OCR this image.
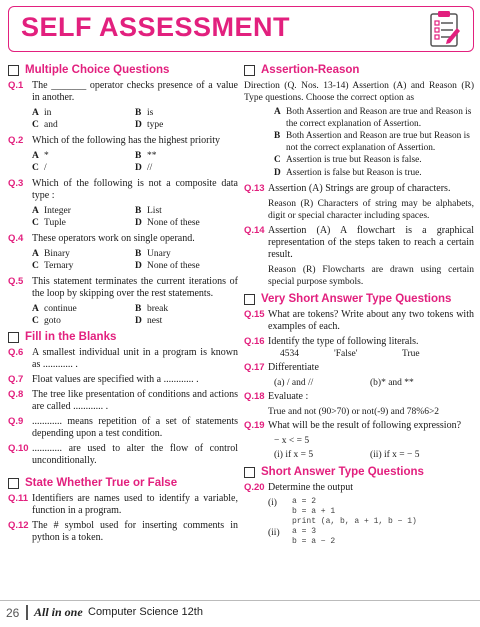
SELF ASSESSMENT
Multiple Choice Questions
Q.1 The _______ operator checks presence of a value in another.
A in	B is
C and	D type
Q.2 Which of the following has the highest priority
A *	B **
C /	D //
Q.3 Which of the following is not a composite data type :
A Integer	B List
C Tuple	D None of these
Q.4 These operators work on single operand.
A Binary	B Unary
C Ternary	D None of these
Q.5 This statement terminates the current iterations of the loop by skipping over the rest statements.
A continue	B break
C goto	D nest
Fill in the Blanks
Q.6 A smallest individual unit in a program is known as ............ .
Q.7 Float values are specified with a ............ .
Q.8 The tree like presentation of conditions and actions are called ............ .
Q.9 ............ means repetition of a set of statements depending upon a test condition.
Q.10 ............ are used to alter the flow of control unconditionally.
State Whether True or False
Q.11 Identifiers are names used to identify a variable, function in a program.
Q.12 The # symbol used for inserting comments in python is a token.
Assertion-Reason
Direction (Q. Nos. 13-14) Assertion (A) and Reason (R) Type questions. Choose the correct option as
A Both Assertion and Reason are true and Reason is the correct explanation of Assertion.
B Both Assertion and Reason are true but Reason is not the correct explanation of Assertion.
C Assertion is true but Reason is false.
D Assertion is false but Reason is true.
Q.13 Assertion (A) Strings are group of characters.
Reason (R) Characters of string may be alphabets, digit or special character including spaces.
Q.14 Assertion (A) A flowchart is a graphical representation of the steps taken to reach a certain result.
Reason (R) Flowcharts are drawn using certain special purpose symbols.
Very Short Answer Type Questions
Q.15 What are tokens? Write about any two tokens with examples of each.
Q.16 Identify the type of following literals.
4534	'False'	True
Q.17 Differentiate
(a) / and //	(b)* and **
Q.18 Evaluate :
True and not (90>70) or not(-9) and 78%6>2
Q.19 What will be the result of following expression?
− x < = 5
(i) if x = 5	(ii) if x = − 5
Short Answer Type Questions
Q.20 Determine the output
(i)	a = 2
b = a + 1
print (a, b, a + 1, b − 1)
(ii)	a = 3
b = a − 2
26 All in one Computer Science 12th
